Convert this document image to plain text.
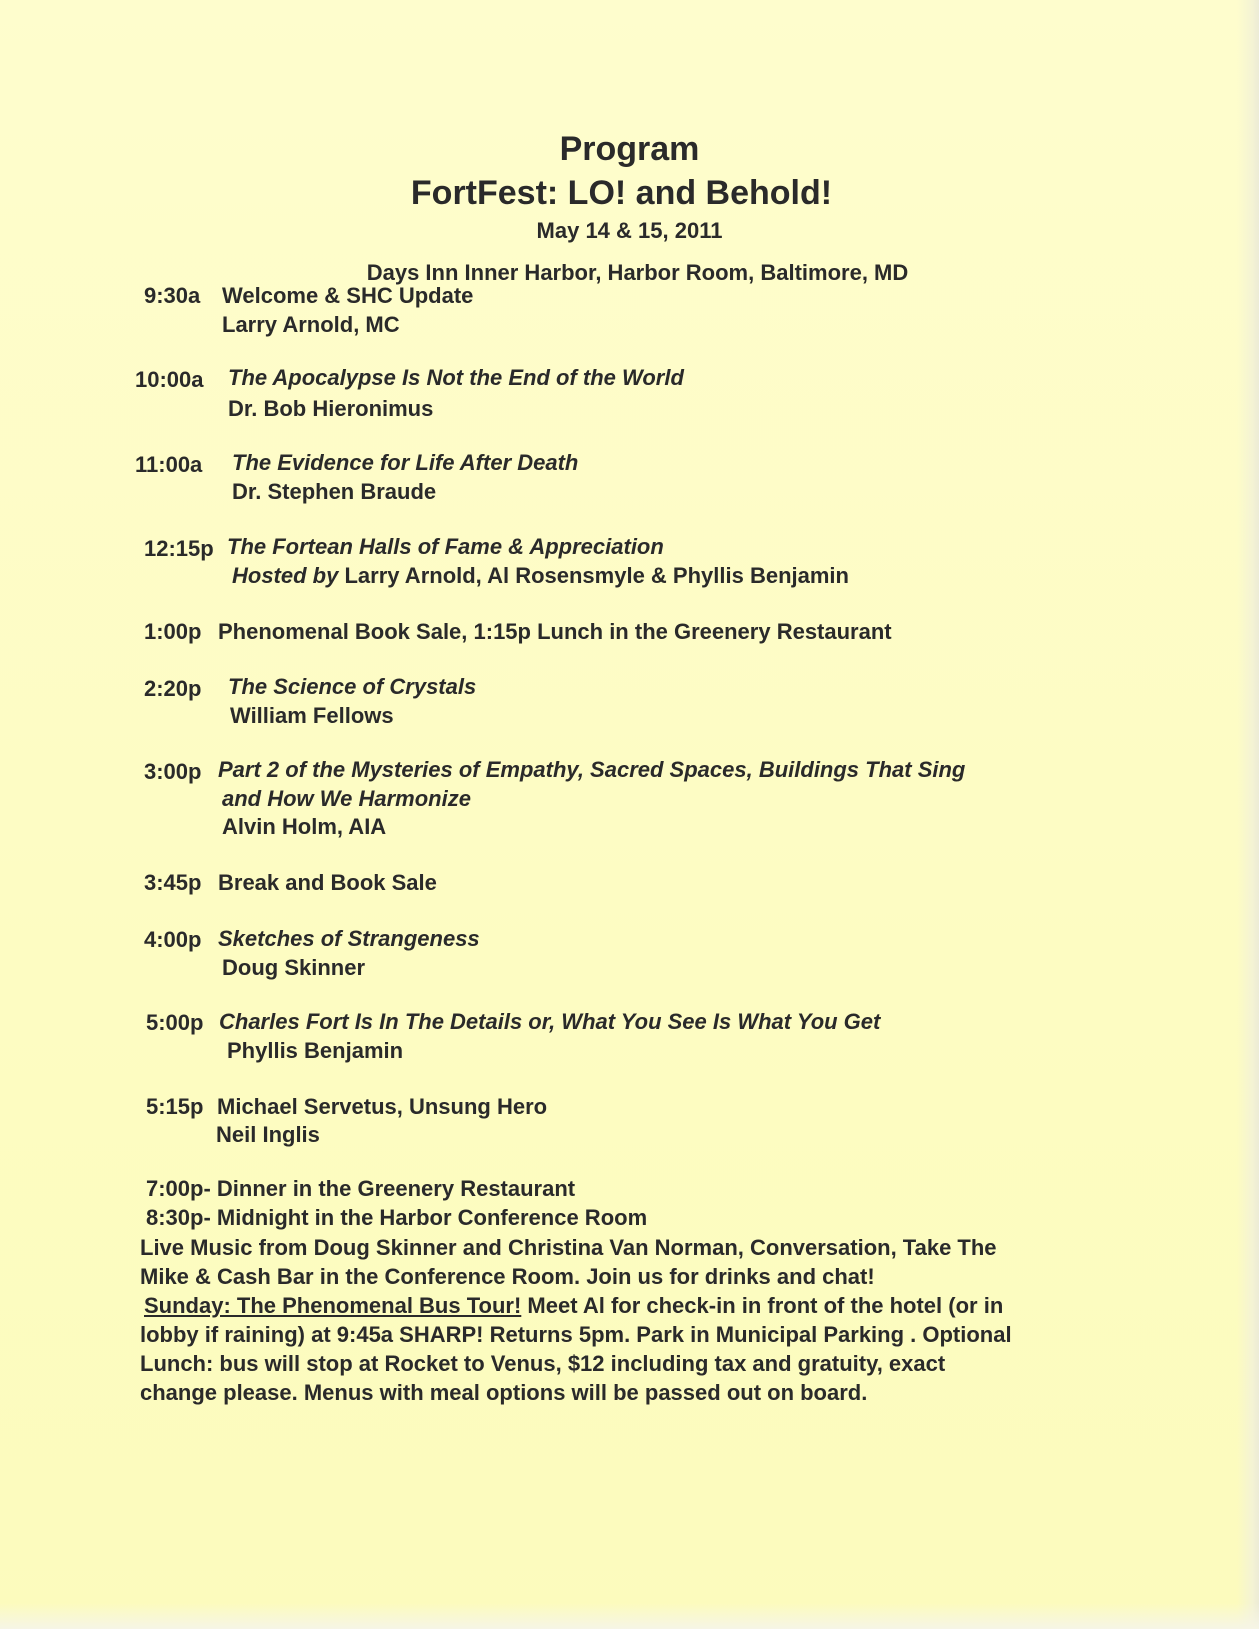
Program
FortFest: LO! and Behold!
May 14 & 15, 2011
Days Inn Inner Harbor, Harbor Room, Baltimore, MD
9:30a Welcome & SHC Update
Larry Arnold, MC
10:00a The Apocalypse Is Not the End of the World
Dr. Bob Hieronimus
11:00a The Evidence for Life After Death
Dr. Stephen Braude
12:15p The Fortean Halls of Fame & Appreciation
Hosted by Larry Arnold, Al Rosensmyle & Phyllis Benjamin
1:00p Phenomenal Book Sale, 1:15p Lunch in the Greenery Restaurant
2:20p The Science of Crystals
William Fellows
3:00p Part 2 of the Mysteries of Empathy, Sacred Spaces, Buildings That Sing
and How We Harmonize
Alvin Holm, AIA
3:45p Break and Book Sale
4:00p Sketches of Strangeness
Doug Skinner
5:00p Charles Fort Is In The Details or, What You See Is What You Get
Phyllis Benjamin
5:15p Michael Servetus, Unsung Hero
Neil Inglis
7:00p- Dinner in the Greenery Restaurant
8:30p- Midnight in the Harbor Conference Room
Live Music from Doug Skinner and Christina Van Norman, Conversation, Take The
Mike & Cash Bar in the Conference Room. Join us for drinks and chat!
Sunday: The Phenomenal Bus Tour! Meet Al for check-in in front of the hotel (or in
lobby if raining) at 9:45a SHARP! Returns 5pm. Park in Municipal Parking . Optional
Lunch: bus will stop at Rocket to Venus, $12 including tax and gratuity, exact
change please. Menus with meal options will be passed out on board.
